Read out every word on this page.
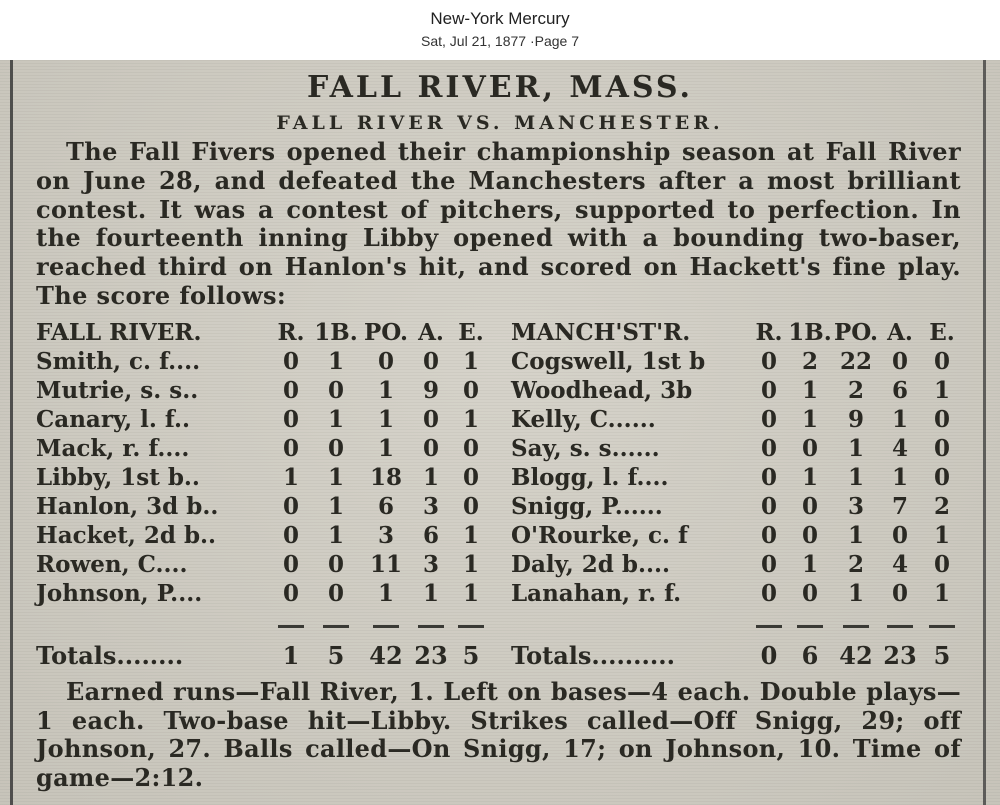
New-York Mercury
Sat, Jul 21, 1877 ·Page 7
FALL RIVER, MASS.
FALL RIVER VS. MANCHESTER.
The Fall Fivers opened their championship season at Fall River on June 28, and defeated the Manchesters after a most brilliant contest. It was a contest of pitchers, supported to perfection. In the fourteenth inning Libby opened with a bounding two-baser, reached third on Hanlon's hit, and scored on Hackett's fine play. The score follows:
FALL RIVER.	R. 1B. PO. A. E.	MANCH'ST'R.	R. 1B. PO. A. E.
Smith, c. f....	0	1	0	0	1	Cogswell, 1st b	0	2 22 0	0
Mutrie, s. s..	0	0	1	9	0	Woodhead, 3b	0	1	2	6	1
Canary, l. f..	0	1	1	0	1	Kelly, C......	0	1	9	1	0
Mack, r. f....	0	0	1	0	0	Say, s. s......	0	0	1	4	0
Libby, 1st b..	1	1	18 1	0	Blogg, l. f....	0	1	1	1	0
Hanlon, 3d b..	0	1	6	3	0	Snigg, P......	0	0	3	7	2
Hacket, 2d b..	0	1	3	6	1	O'Rourke, c. f	0	0	1	0	1
Rowen, C....	0	0	11 3	1	Daly, 2d b....	0	1	2	4	0
Johnson, P....	0	0	1	1	1	Lanahan, r. f.	0	0	1	0	1
Totals........	1	5	42 23 5	Totals..........	0	6 42 23 5
Earned runs—Fall River, 1. Left on bases—4 each. Double plays—1 each. Two-base hit—Libby. Strikes called—Off Snigg, 29; off Johnson, 27. Balls called—On Snigg, 17; on Johnson, 10. Time of game—2:12.
